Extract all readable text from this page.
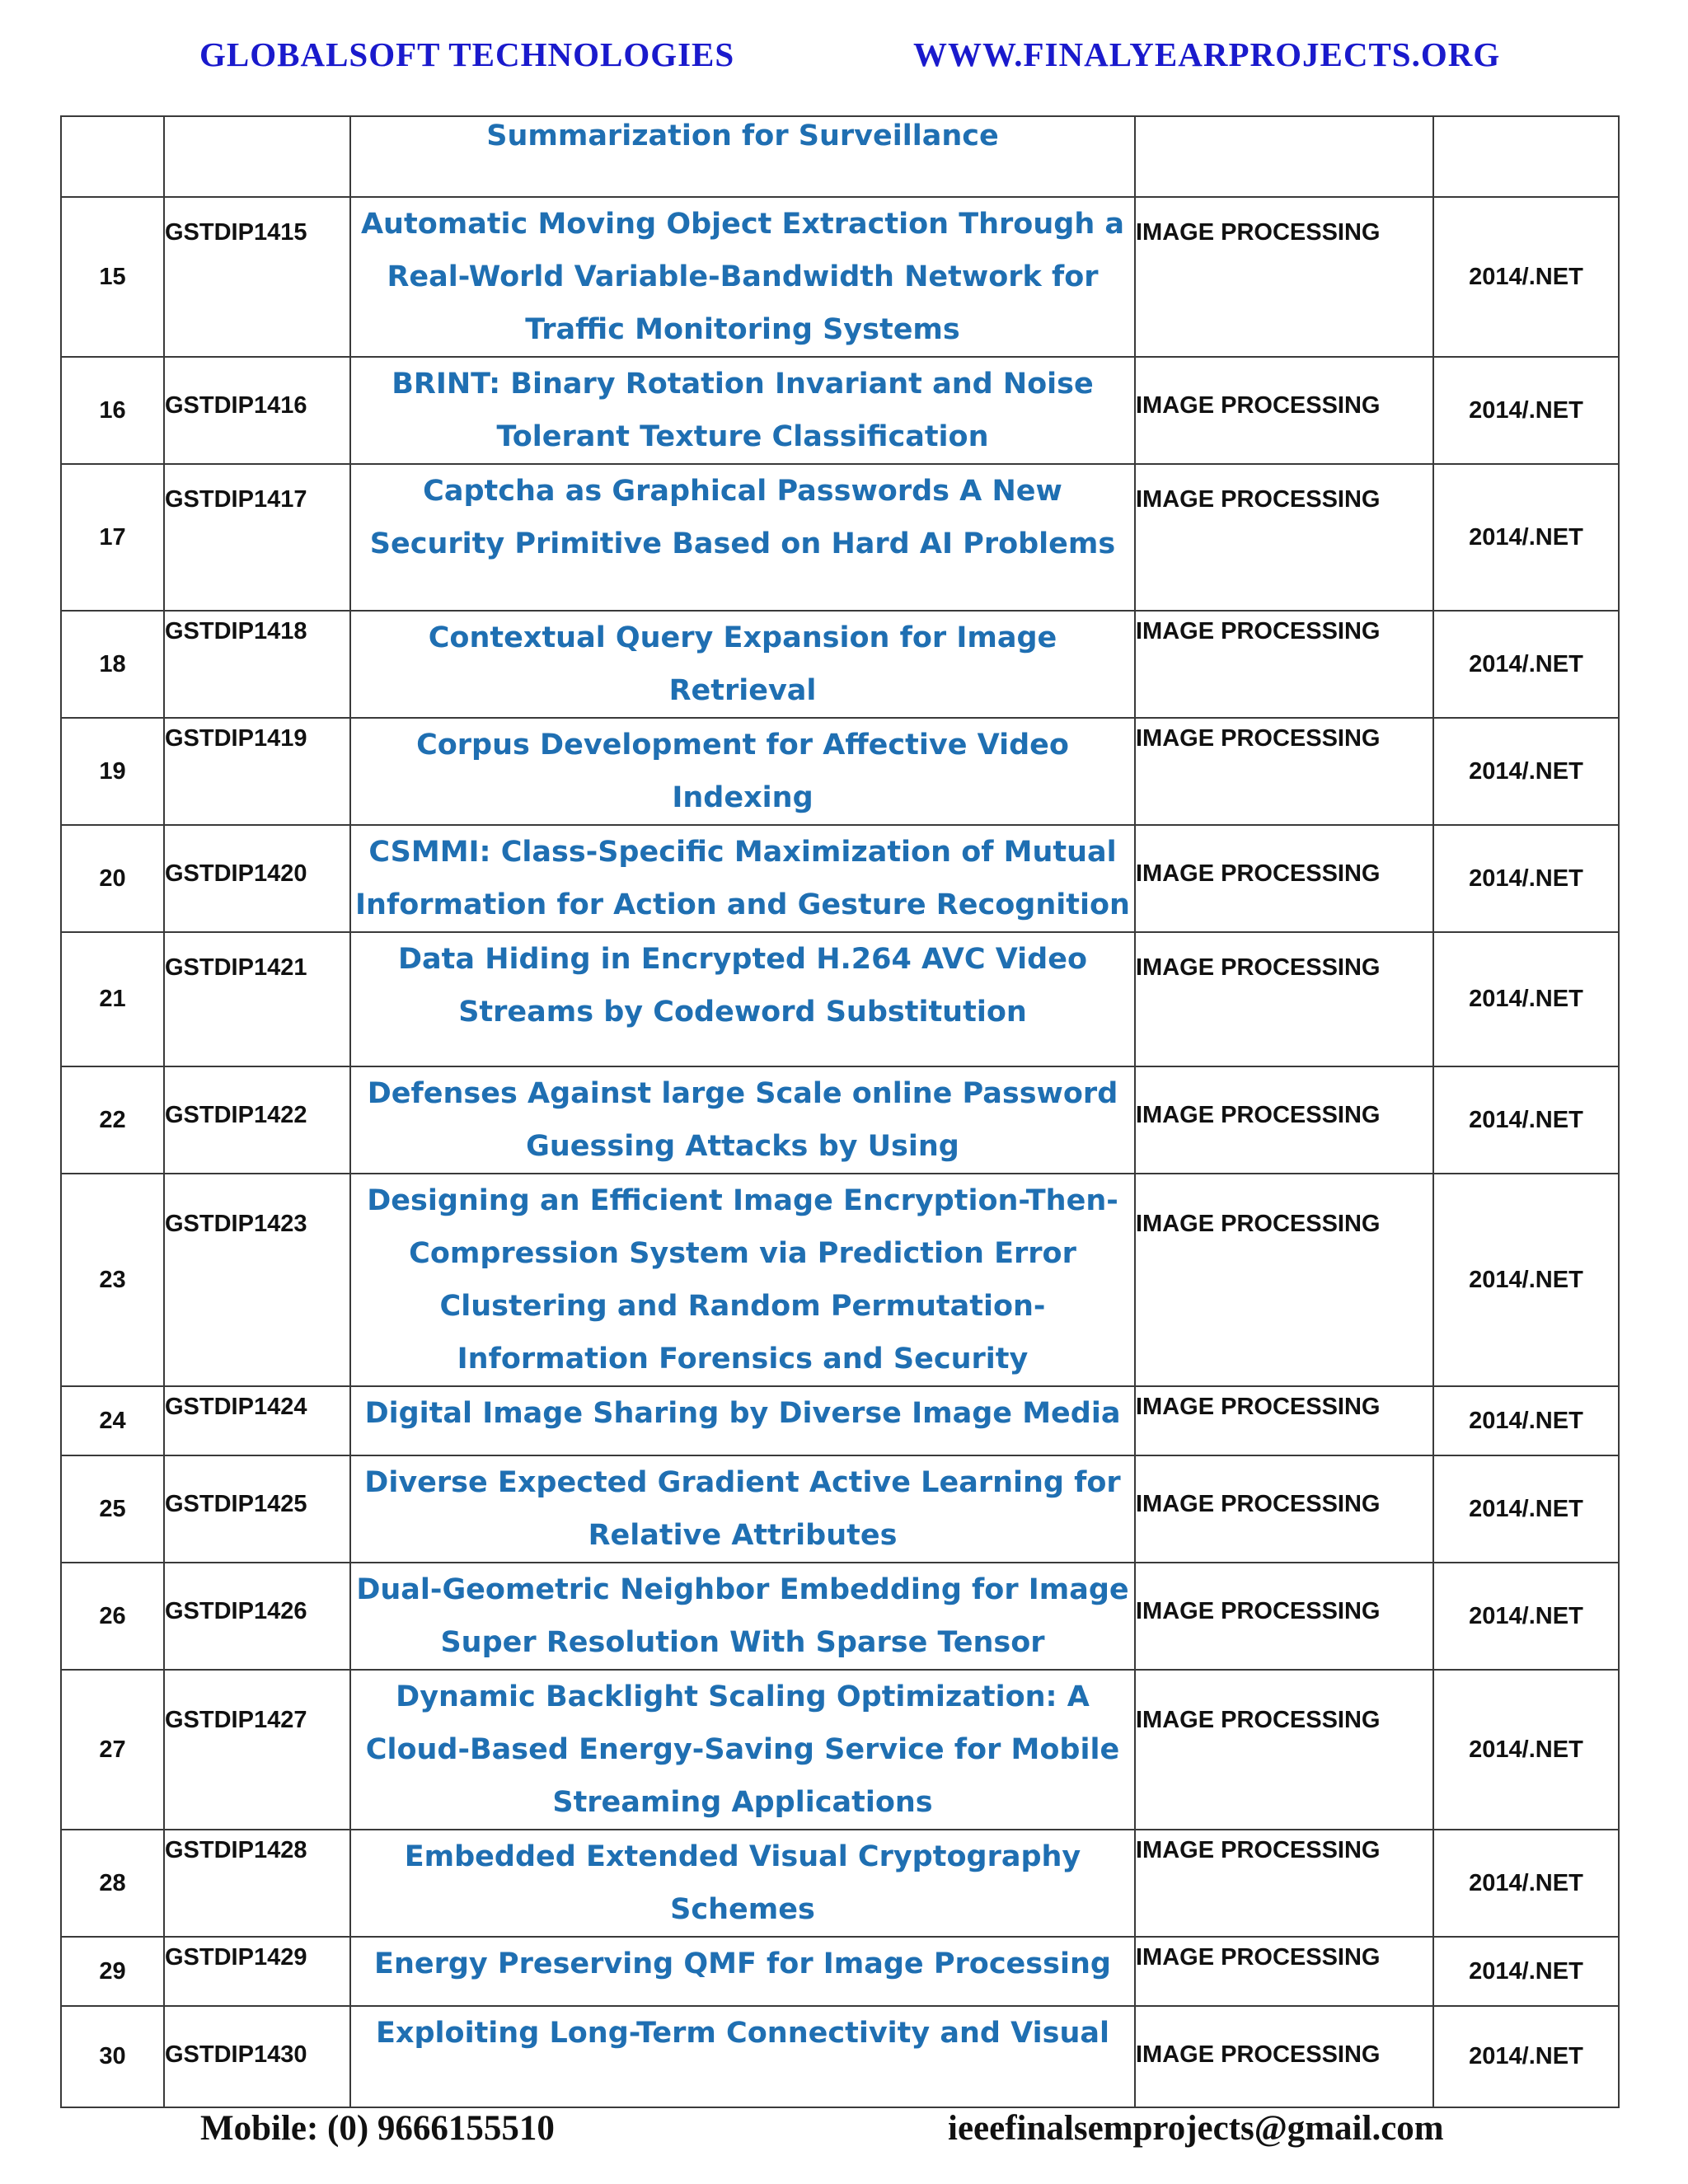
GLOBALSOFT TECHNOLOGIES	WWW.FINALYEARPROJECTS.ORG

	Summarization for Surveillance	

15	GSTDIP1415	Automatic Moving Object Extraction Through a Real-World Variable-Bandwidth Network for Traffic Monitoring Systems	IMAGE PROCESSING	2014/.NET
16	GSTDIP1416	BRINT: Binary Rotation Invariant and Noise Tolerant Texture Classification	IMAGE PROCESSING	2014/.NET
17	GSTDIP1417	Captcha as Graphical Passwords A New Security Primitive Based on Hard AI Problems	IMAGE PROCESSING	2014/.NET
18	GSTDIP1418	Contextual Query Expansion for Image Retrieval	IMAGE PROCESSING	2014/.NET
19	GSTDIP1419	Corpus Development for Affective Video Indexing	IMAGE PROCESSING	2014/.NET
20	GSTDIP1420	CSMMI: Class-Specific Maximization of Mutual Information for Action and Gesture Recognition	IMAGE PROCESSING	2014/.NET
21	GSTDIP1421	Data Hiding in Encrypted H.264 AVC Video Streams by Codeword Substitution	IMAGE PROCESSING	2014/.NET
22	GSTDIP1422	Defenses Against large Scale online Password Guessing Attacks by Using	IMAGE PROCESSING	2014/.NET
23	GSTDIP1423	Designing an Efficient Image Encryption-Then-Compression System via Prediction Error Clustering and Random Permutation- Information Forensics and Security	IMAGE PROCESSING	2014/.NET
24	GSTDIP1424	Digital Image Sharing by Diverse Image Media	IMAGE PROCESSING	2014/.NET
25	GSTDIP1425	Diverse Expected Gradient Active Learning for Relative Attributes	IMAGE PROCESSING	2014/.NET
26	GSTDIP1426	Dual-Geometric Neighbor Embedding for Image Super Resolution With Sparse Tensor	IMAGE PROCESSING	2014/.NET
27	GSTDIP1427	Dynamic Backlight Scaling Optimization: A Cloud-Based Energy-Saving Service for Mobile Streaming Applications	IMAGE PROCESSING	2014/.NET
28	GSTDIP1428	Embedded Extended Visual Cryptography Schemes	IMAGE PROCESSING	2014/.NET
29	GSTDIP1429	Energy Preserving QMF for Image Processing	IMAGE PROCESSING	2014/.NET
30	GSTDIP1430	Exploiting Long-Term Connectivity and Visual	IMAGE PROCESSING	2014/.NET
Mobile: (0) 9666155510	ieeefinalsemprojects@gmail.com
